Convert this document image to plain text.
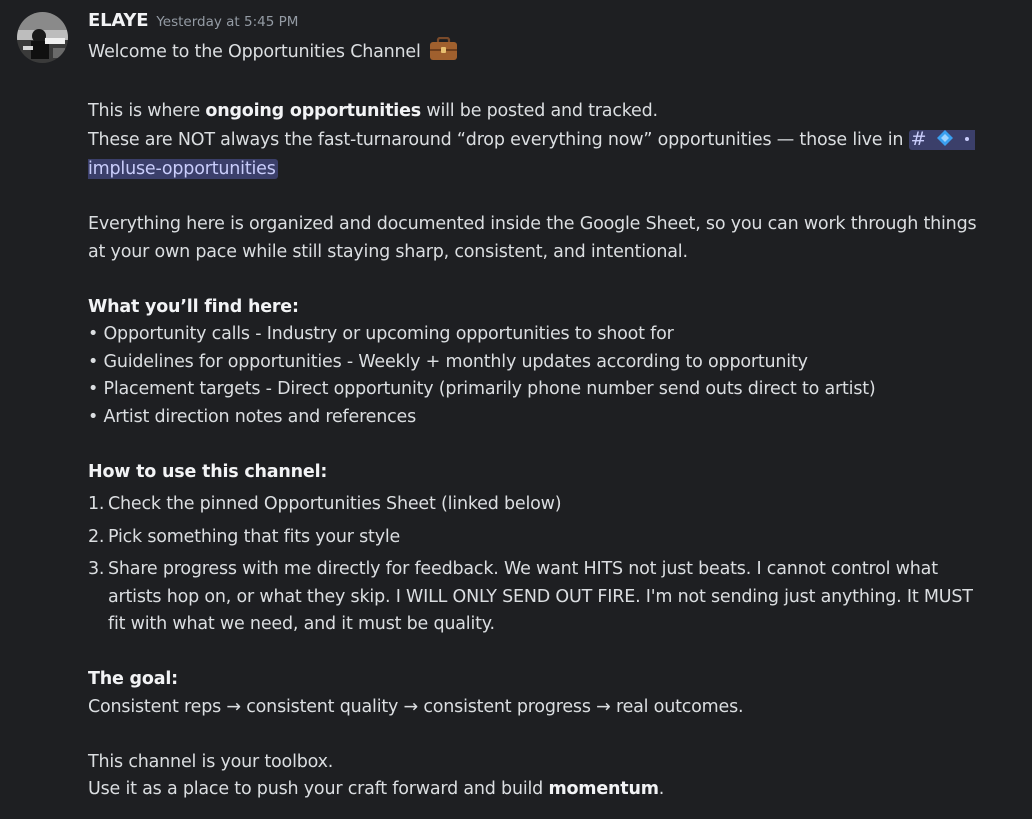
ELAYE Yesterday at 5:45 PM

Welcome to the Opportunities Channel

This is where ongoing opportunities will be posted and tracked.

These are NOT always the fast-turnaround “drop everything now” opportunities — those live in #
impluse-opportunities

Everything here is organized and documented inside the Google Sheet, so you can work through things at your own pace while still staying sharp, consistent, and intentional.

What you’ll find here:

• Opportunity calls - Industry or upcoming opportunities to shoot for

• Guidelines for opportunities - Weekly + monthly updates according to opportunity

• Placement targets - Direct opportunity (primarily phone number send outs direct to artist)

• Artist direction notes and references

How to use this channel:

1. Check the pinned Opportunities Sheet (linked below)
2. Pick something that fits your style
3. Share progress with me directly for feedback. We want HITS not just beats. I cannot control what artists hop on, or what they skip. I WILL ONLY SEND OUT FIRE. I'm not sending just anything. It MUST fit with what we need, and it must be quality.

The goal:

Consistent reps → consistent quality → consistent progress → real outcomes.

This channel is your toolbox.

Use it as a place to push your craft forward and build momentum.
